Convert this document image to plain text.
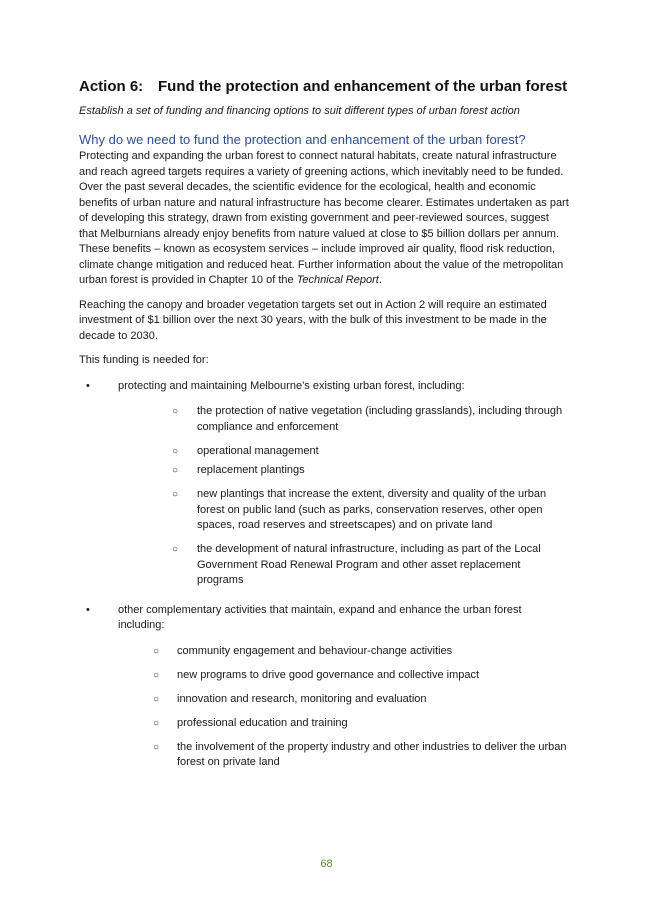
Action 6: Fund the protection and enhancement of the urban forest
Establish a set of funding and financing options to suit different types of urban forest action
Why do we need to fund the protection and enhancement of the urban forest?

Protecting and expanding the urban forest to connect natural habitats, create natural infrastructure and reach agreed targets requires a variety of greening actions, which inevitably need to be funded. Over the past several decades, the scientific evidence for the ecological, health and economic benefits of urban nature and natural infrastructure has become clearer. Estimates undertaken as part of developing this strategy, drawn from existing government and peer-reviewed sources, suggest that Melburnians already enjoy benefits from nature valued at close to $5 billion dollars per annum. These benefits – known as ecosystem services – include improved air quality, flood risk reduction, climate change mitigation and reduced heat. Further information about the value of the metropolitan urban forest is provided in Chapter 10 of the Technical Report.

Reaching the canopy and broader vegetation targets set out in Action 2 will require an estimated investment of $1 billion over the next 30 years, with the bulk of this investment to be made in the decade to 2030.

This funding is needed for:

•	protecting and maintaining Melbourne’s existing urban forest, including:
○ the protection of native vegetation (including grasslands), including through compliance and enforcement
○ operational management
○ replacement plantings
○ new plantings that increase the extent, diversity and quality of the urban forest on public land (such as parks, conservation reserves, other open spaces, road reserves and streetscapes) and on private land
○ the development of natural infrastructure, including as part of the Local Government Road Renewal Program and other asset replacement programs
•	other complementary activities that maintain, expand and enhance the urban forest including:
○ community engagement and behaviour-change activities
○ new programs to drive good governance and collective impact
○ innovation and research, monitoring and evaluation
○ professional education and training
○ the involvement of the property industry and other industries to deliver the urban forest on private land
68
